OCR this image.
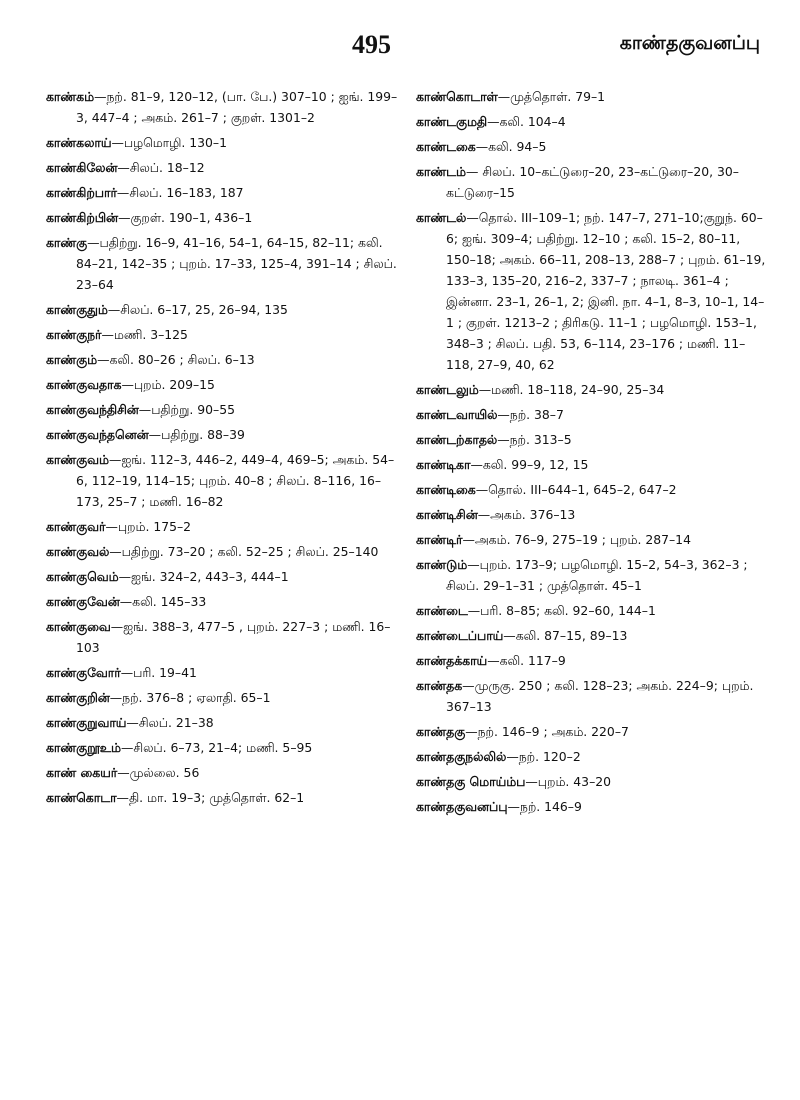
495	காண்தகுவனப்பு
காண்கம்—நற். 81–9, 120–12, (பா. பே.) 307–10 ; ஐங். 199–3, 447–4 ; அகம். 261–7 ; குறள். 1301–2
காண்கலாய்—பழமொழி. 130–1
காண்கிலேன்—சிலப். 18–12
காண்கிற்பார்—சிலப். 16–183, 187
காண்கிற்பின்—குறள். 190–1, 436–1
காண்கு—பதிற்று. 16–9, 41–16, 54–1, 64–15, 82–11; கலி. 84–21, 142–35 ; புறம். 17–33, 125–4, 391–14 ; சிலப். 23–64
காண்குதும்—சிலப். 6–17, 25, 26–94, 135
காண்குநர்—மணி. 3–125
காண்கும்—கலி. 80–26 ; சிலப். 6–13
காண்குவதாக—புறம். 209–15
காண்குவந்திசின்—பதிற்று. 90–55
காண்குவந்தனென்—பதிற்று. 88–39
காண்குவம்—ஐங். 112–3, 446–2, 449–4, 469–5; அகம். 54–6, 112–19, 114–15; புறம். 40–8 ; சிலப். 8–116, 16–173, 25–7 ; மணி. 16–82
காண்குவர்—புறம். 175–2
காண்குவல்—பதிற்று. 73–20 ; கலி. 52–25 ; சிலப். 25–140
காண்குவெம்—ஐங். 324–2, 443–3, 444–1
காண்குவேன்—கலி. 145–33
காண்குவை—ஐங். 388–3, 477–5 , புறம். 227–3 ; மணி. 16–103
காண்குவோர்—பரி. 19–41
காண்குறின்—நற். 376–8 ; ஏலாதி. 65–1
காண்குறுவாய்—சிலப். 21–38
காண்குறூஉம்—சிலப். 6–73, 21–4; மணி. 5–95
காண் கையர்—முல்லை. 56
காண்கொடா—தி. மா. 19–3; முத்தொள். 62–1
காண்கொடாள்—முத்தொள். 79–1
காண்டகுமதி—கலி. 104–4
காண்டகை—கலி. 94–5
காண்டம்— சிலப். 10–கட்டுரை–20, 23–கட்டுரை–20, 30–கட்டுரை–15
காண்டல்—தொல். III–109–1; நற். 147–7, 271–10;குறுந். 60–6; ஐங். 309–4; பதிற்று. 12–10 ; கலி. 15–2, 80–11, 150–18; அகம். 66–11, 208–13, 288–7 ; புறம். 61–19, 133–3, 135–20, 216–2, 337–7 ; நாலடி. 361–4 ; இன்னா. 23–1, 26–1, 2; இனி. நா. 4–1, 8–3, 10–1, 14–1 ; குறள். 1213–2 ; திரிகடு. 11–1 ; பழமொழி. 153–1, 348–3 ; சிலப். பதி. 53, 6–114, 23–176 ; மணி. 11–118, 27–9, 40, 62
காண்டலும்—மணி. 18–118, 24–90, 25–34
காண்டவாயில்—நற். 38–7
காண்டற்காதல்—நற். 313–5
காண்டிகா—கலி. 99–9, 12, 15
காண்டிகை—தொல். III–644–1, 645–2, 647–2
காண்டிசின்—அகம். 376–13
காண்டிர்—அகம். 76–9, 275–19 ; புறம். 287–14
காண்டும்—புறம். 173–9; பழமொழி. 15–2, 54–3, 362–3 ; சிலப். 29–1–31 ; முத்தொள். 45–1
காண்டை—பரி. 8–85; கலி. 92–60, 144–1
காண்டைப்பாய்—கலி. 87–15, 89–13
காண்தக்காய்—கலி. 117–9
காண்தக—முருகு. 250 ; கலி. 128–23; அகம். 224–9; புறம். 367–13
காண்தகு—நற். 146–9 ; அகம். 220–7
காண்தகுநல்லில்—நற். 120–2
காண்தகு மொய்ம்ப—புறம். 43–20
காண்தகுவனப்பு—நற். 146–9
